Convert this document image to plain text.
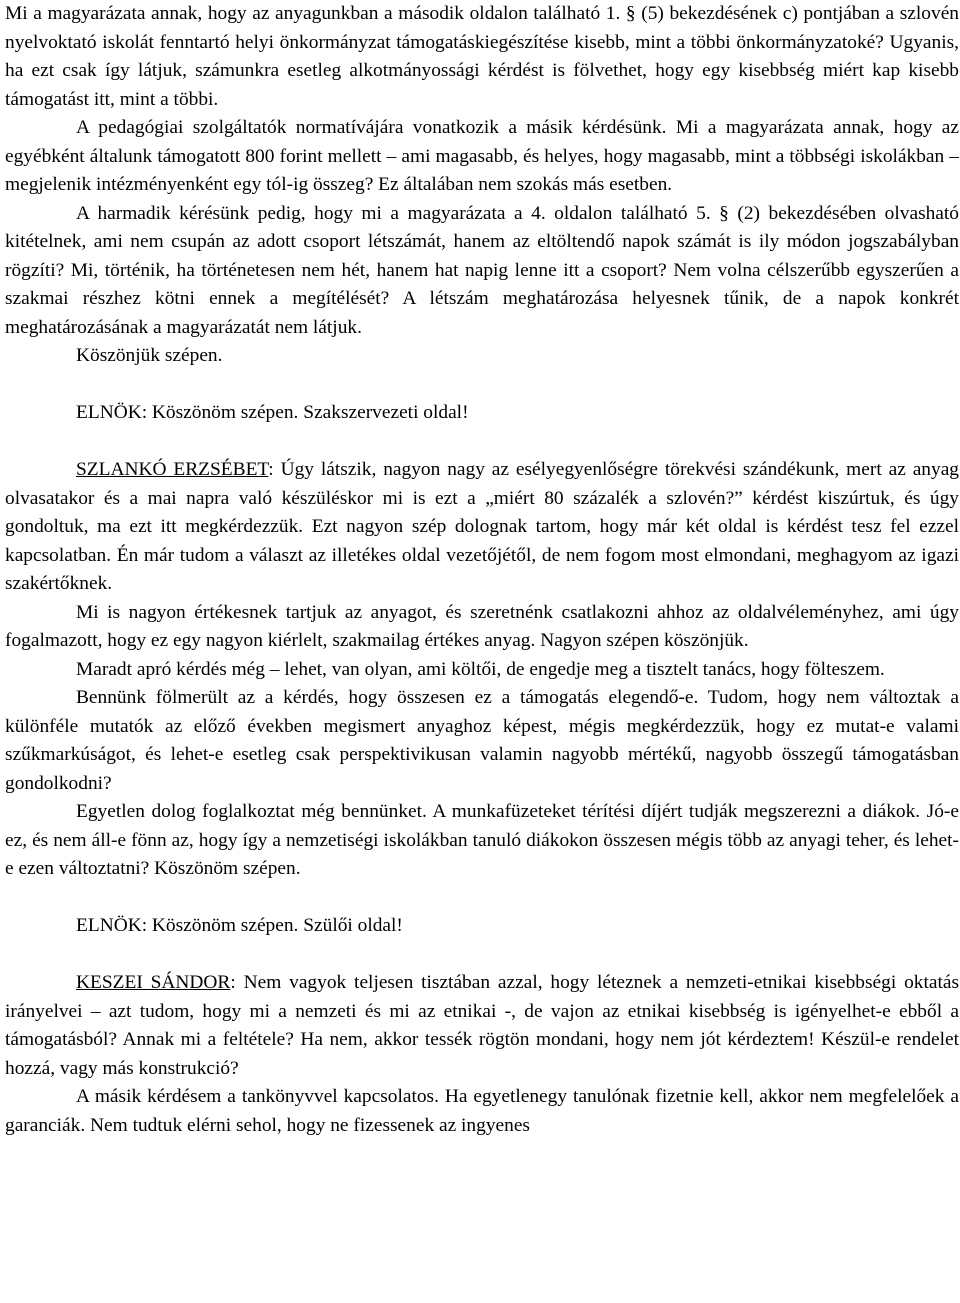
Mi a magyarázata annak, hogy az anyagunkban a második oldalon található 1. § (5) bekezdésének c) pontjában a szlovén nyelvoktató iskolát fenntartó helyi önkormányzat támogatáskiegészítése kisebb, mint a többi önkormányzatoké? Ugyanis, ha ezt csak így látjuk, számunkra esetleg alkotmányossági kérdést is fölvethet, hogy egy kisebbség miért kap kisebb támogatást itt, mint a többi.

A pedagógiai szolgáltatók normatívájára vonatkozik a másik kérdésünk. Mi a magyarázata annak, hogy az egyébként általunk támogatott 800 forint mellett – ami magasabb, és helyes, hogy magasabb, mint a többségi iskolákban – megjelenik intézményenként egy tól-ig összeg? Ez általában nem szokás más esetben.

A harmadik kérésünk pedig, hogy mi a magyarázata a 4. oldalon található 5. § (2) bekezdésében olvasható kitételnek, ami nem csupán az adott csoport létszámát, hanem az eltöltendő napok számát is ily módon jogszabályban rögzíti? Mi, történik, ha történetesen nem hét, hanem hat napig lenne itt a csoport? Nem volna célszerűbb egyszerűen a szakmai részhez kötni ennek a megítélését? A létszám meghatározása helyesnek tűnik, de a napok konkrét meghatározásának a magyarázatát nem látjuk.

Köszönjük szépen.

ELNÖK: Köszönöm szépen. Szakszervezeti oldal!

SZLANKÓ ERZSÉBET: Úgy látszik, nagyon nagy az esélyegyenlőségre törekvési szándékunk, mert az anyag olvasatakor és a mai napra való készüléskor mi is ezt a „miért 80 százalék a szlovén?” kérdést kiszúrtuk, és úgy gondoltuk, ma ezt itt megkérdezzük. Ezt nagyon szép dolognak tartom, hogy már két oldal is kérdést tesz fel ezzel kapcsolatban. Én már tudom a választ az illetékes oldal vezetőjétől, de nem fogom most elmondani, meghagyom az igazi szakértőknek.

Mi is nagyon értékesnek tartjuk az anyagot, és szeretnénk csatlakozni ahhoz az oldalvéleményhez, ami úgy fogalmazott, hogy ez egy nagyon kiérlelt, szakmailag értékes anyag. Nagyon szépen köszönjük.

Maradt apró kérdés még – lehet, van olyan, ami költői, de engedje meg a tisztelt tanács, hogy fölteszem.

Bennünk fölmerült az a kérdés, hogy összesen ez a támogatás elegendő-e. Tudom, hogy nem változtak a különféle mutatók az előző években megismert anyaghoz képest, mégis megkérdezzük, hogy ez mutat-e valami szűkmarkúságot, és lehet-e esetleg csak perspektivikusan valamin nagyobb mértékű, nagyobb összegű támogatásban gondolkodni?

Egyetlen dolog foglalkoztat még bennünket. A munkafüzeteket térítési díjért tudják megszerezni a diákok. Jó-e ez, és nem áll-e fönn az, hogy így a nemzetiségi iskolákban tanuló diákokon összesen mégis több az anyagi teher, és lehet-e ezen változtatni? Köszönöm szépen.

ELNÖK: Köszönöm szépen. Szülői oldal!

KESZEI SÁNDOR: Nem vagyok teljesen tisztában azzal, hogy léteznek a nemzeti-etnikai kisebbségi oktatás irányelvei – azt tudom, hogy mi a nemzeti és mi az etnikai -, de vajon az etnikai kisebbség is igényelhet-e ebből a támogatásból? Annak mi a feltétele? Ha nem, akkor tessék rögtön mondani, hogy nem jót kérdeztem! Készül-e rendelet hozzá, vagy más konstrukció?

A másik kérdésem a tankönyvvel kapcsolatos. Ha egyetlenegy tanulónak fizetnie kell, akkor nem megfelelőek a garanciák. Nem tudtuk elérni sehol, hogy ne fizessenek az ingyenes
